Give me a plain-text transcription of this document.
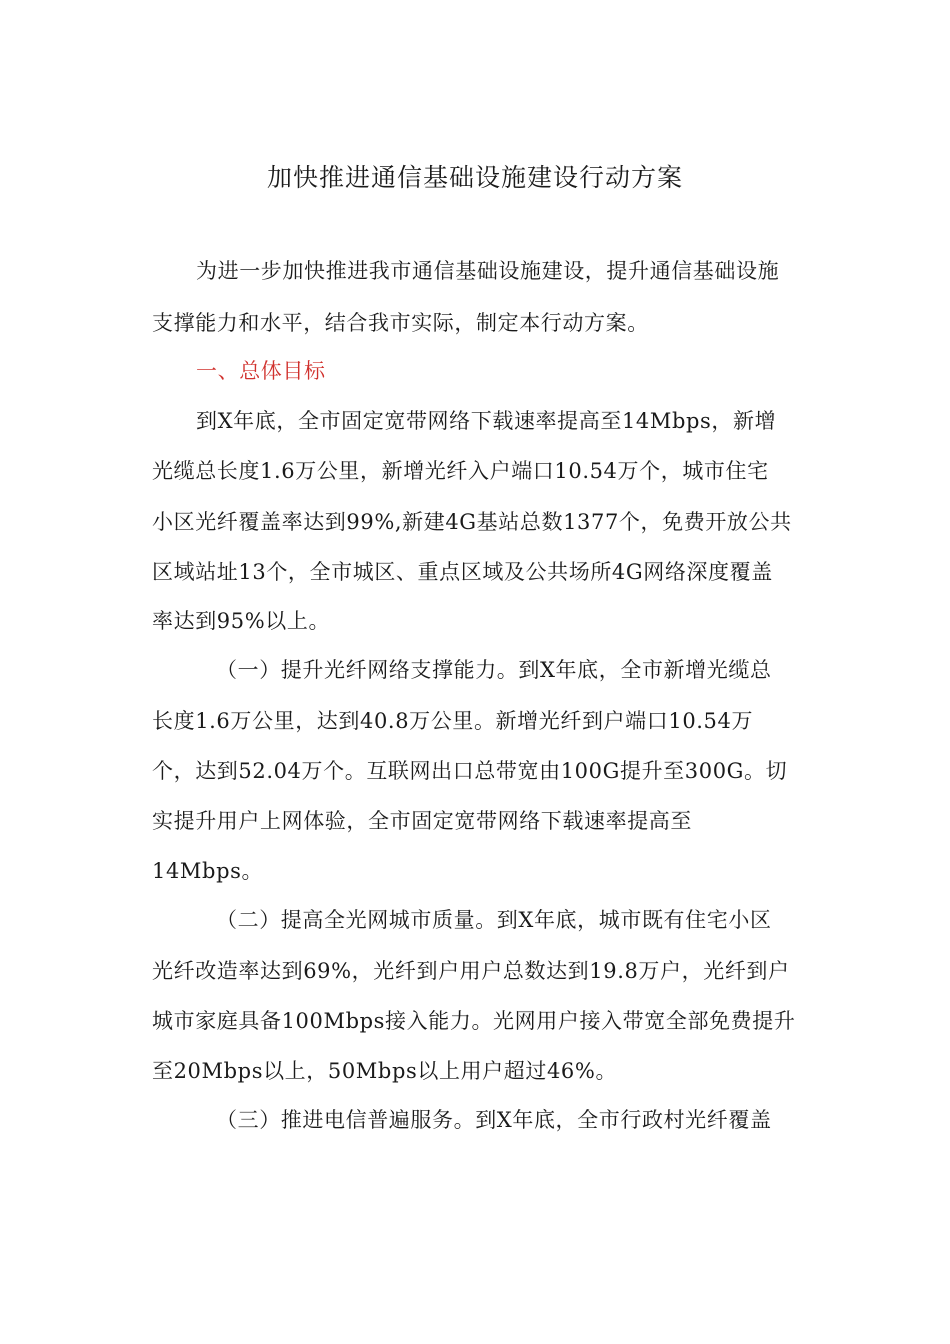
加快推进通信基础设施建设行动方案
为进一步加快推进我市通信基础设施建设，提升通信基础设施
支撑能力和水平，结合我市实际，制定本行动方案。
一、总体目标
到X年底，全市固定宽带网络下载速率提高至14Mbps，新增
光缆总长度1.6万公里，新增光纤入户端口10.54万个，城市住宅
小区光纤覆盖率达到99%,新建4G基站总数1377个，免费开放公共
区域站址13个，全市城区、重点区域及公共场所4G网络深度覆盖
率达到95%以上。
（一）提升光纤网络支撑能力。到X年底，全市新增光缆总
长度1.6万公里，达到40.8万公里。新增光纤到户端口10.54万
个，达到52.04万个。互联网出口总带宽由100G提升至300G。切
实提升用户上网体验，全市固定宽带网络下载速率提高至
14Mbps。
（二）提高全光网城市质量。到X年底，城市既有住宅小区
光纤改造率达到69%，光纤到户用户总数达到19.8万户，光纤到户
城市家庭具备100Mbps接入能力。光网用户接入带宽全部免费提升
至20Mbps以上，50Mbps以上用户超过46%。
（三）推进电信普遍服务。到X年底，全市行政村光纤覆盖
